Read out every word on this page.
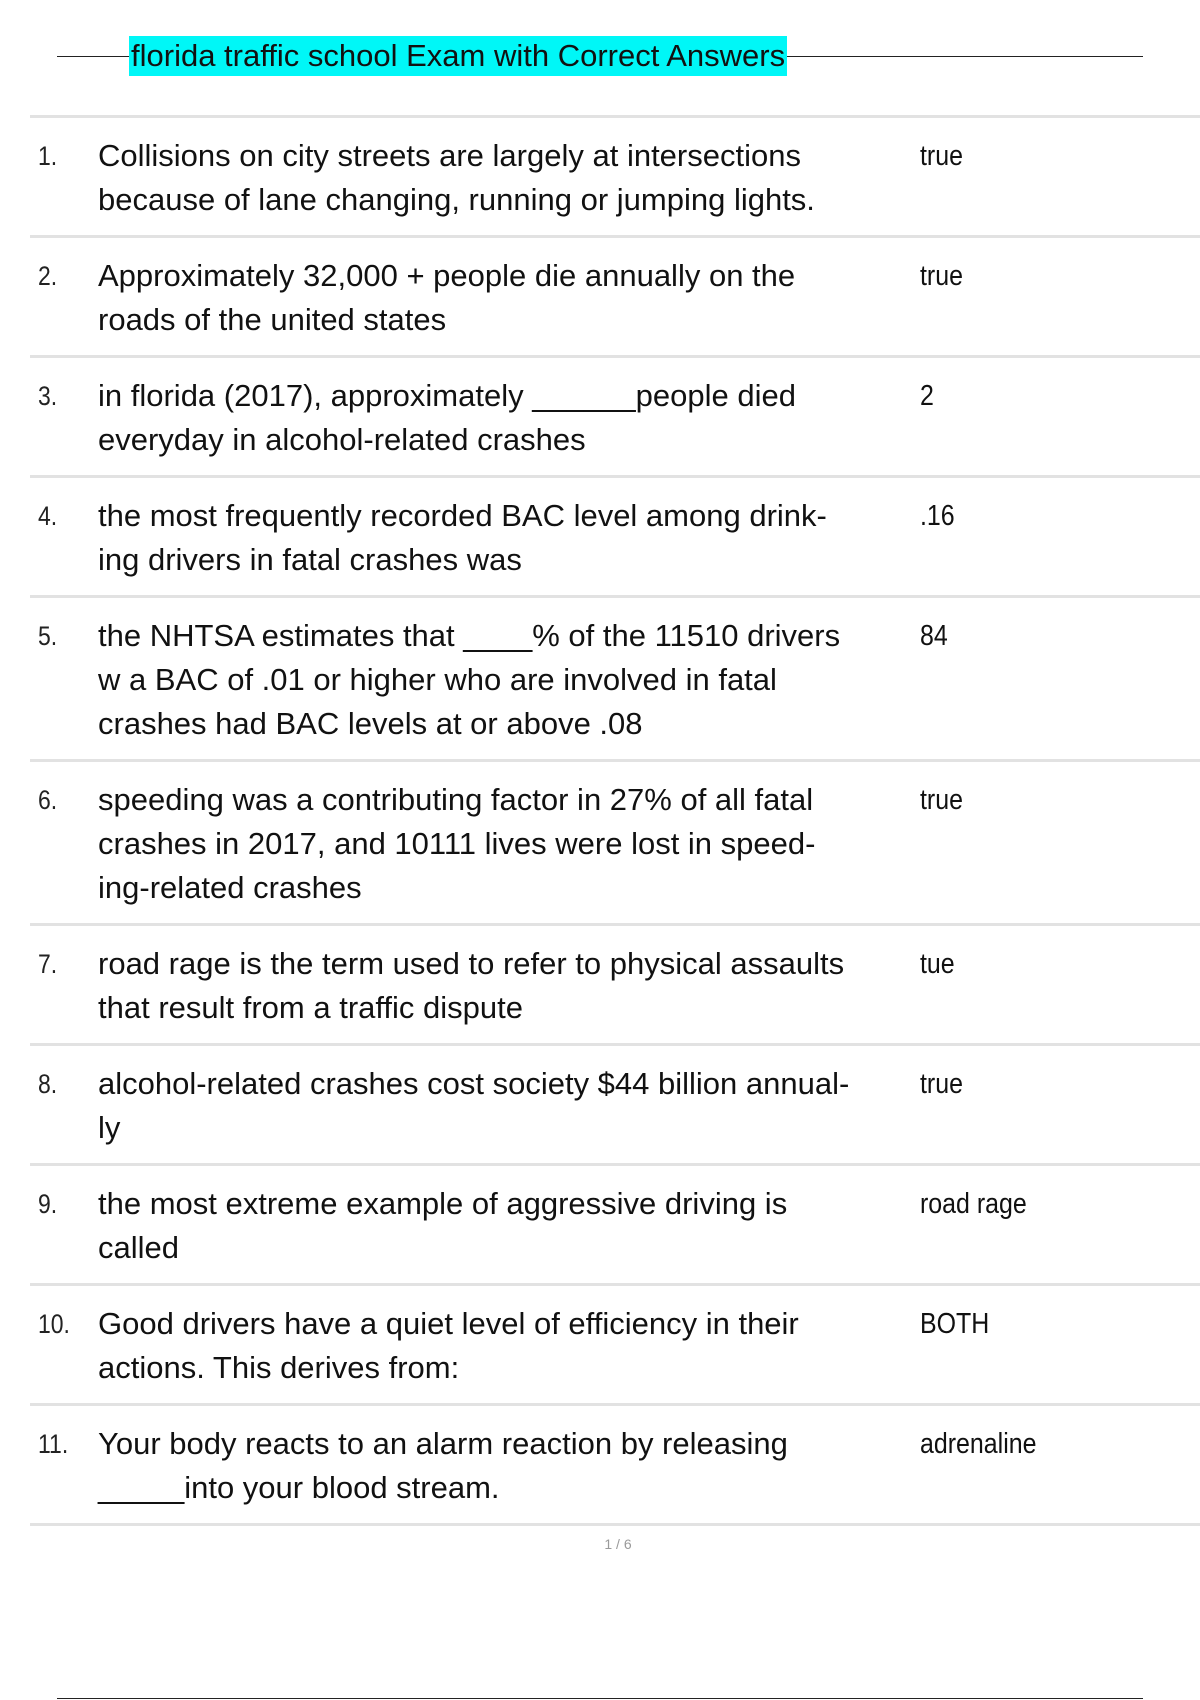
florida traffic school Exam with Correct Answers
1. Collisions on city streets are largely at intersections
because of lane changing, running or jumping lights.
true
2. Approximately 32,000 + people die annually on the
roads of the united states
true
3. in florida (2017), approximately ______people died
everyday in alcohol-related crashes
2
4. the most frequently recorded BAC level among drink-
ing drivers in fatal crashes was
.16
5. the NHTSA estimates that ____% of the 11510 drivers
w a BAC of .01 or higher who are involved in fatal
crashes had BAC levels at or above .08
84
6. speeding was a contributing factor in 27% of all fatal
crashes in 2017, and 10111 lives were lost in speed-
ing-related crashes
true
7. road rage is the term used to refer to physical assaults
that result from a traffic dispute
tue
8. alcohol-related crashes cost society $44 billion annual-
ly
true
9. the most extreme example of aggressive driving is
called
road rage
10. Good drivers have a quiet level of efficiency in their
actions. This derives from:
BOTH
11. Your body reacts to an alarm reaction by releasing
_____into your blood stream.
adrenaline
1 / 6
